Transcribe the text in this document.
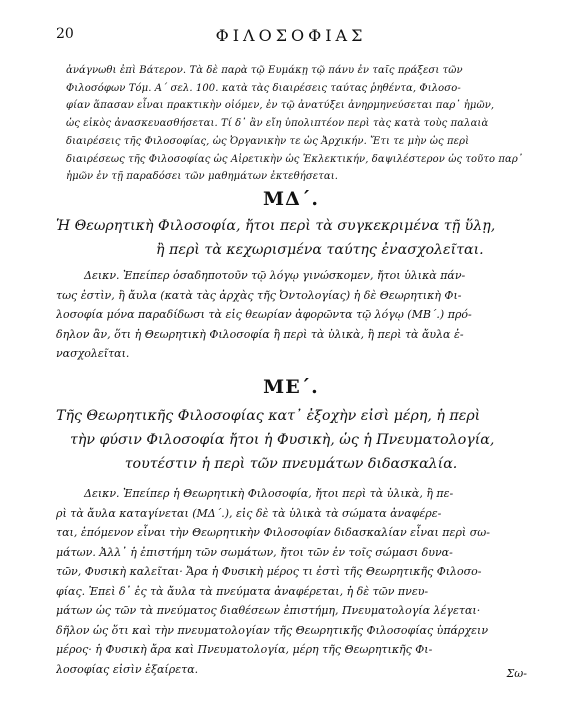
20	ΦΙΛΟΣΟΦΙΑΣ
ἀνάγνωθι ἐπὶ Βάτερον. Τὰ δὲ παρὰ τῷ Ευμάκῃ τῷ πάνυ ἐν ταῖς πράξεσι τῶν
Φιλοσόφων Τόμ. Α΄ σελ. 100. κατὰ τὰς διαιρέσεις ταύτας ῥηθέντα, Φιλοσο-
φίαν ἅπασαν εἶναι πρακτικὴν οἰόμεν, ἐν τῷ ἀνατύξει ἀνηρμηνεύσεται παρ᾽ ἡμῶν,
ὡς εἰκὸς ἀνασκευασθήσεται. Τί δ᾽ ἂν εἴη ὑπολιπτέον περὶ τὰς κατὰ τοὺς παλαιὰ
διαιρέσεις τῆς Φιλοσοφίας, ὡς Ὀργανικὴν τε ὡς Ἀρχικήν. Ἔτι τε μὴν ὡς περὶ
διαιρέσεως τῆς Φιλοσοφίας ὡς Αἱρετικὴν ὡς Ἐκλεκτικήν, δαψιλέστερον ὡς τοῦτο παρ᾽
ἡμῶν ἐν τῇ παραδόσει τῶν μαθημάτων ἐκτεθήσεται.
ΜΔ΄.
Ἡ Θεωρητικὴ Φιλοσοφία, ἤτοι περὶ τὰ συγκεκριμένα τῇ ὕλῃ,
ἢ περὶ τὰ κεχωρισμένα ταύτης ἐνασχολεῖται.
Δεικν. Ἐπείπερ ὁσαδηποτοῦν τῷ λόγῳ γινώσκομεν, ἤτοι ὑλικὰ πάν-
τως ἐστὶν, ἢ ἄυλα (κατὰ τὰς ἀρχὰς τῆς Ὀντολογίας) ἡ δὲ Θεωρητικὴ Φι-
λοσοφία μόνα παραδίδωσι τὰ εἰς θεωρίαν ἀφορῶντα τῷ λόγῳ (ΜΒ΄.) πρό-
δηλον ἂν, ὅτι ἡ Θεωρητικὴ Φιλοσοφία ἢ περὶ τὰ ὑλικὰ, ἢ περὶ τὰ ἄυλα ἐ-
νασχολεῖται.
ΜΕ΄.
Τῆς Θεωρητικῆς Φιλοσοφίας κατ᾽ ἐξοχὴν εἰσὶ μέρη, ἡ περὶ
τὴν φύσιν Φιλοσοφία ἤτοι ἡ Φυσικὴ, ὡς ἡ Πνευματολογία,
τουτέστιν ἡ περὶ τῶν πνευμάτων διδασκαλία.
Δεικν. Ἐπείπερ ἡ Θεωρητικὴ Φιλοσοφία, ἤτοι περὶ τὰ ὑλικὰ, ἢ πε-
ρὶ τὰ ἄυλα καταγίνεται (ΜΔ΄.), εἰς δὲ τὰ ὑλικὰ τὰ σώματα ἀναφέρε-
ται, ἑπόμενον εἶναι τὴν Θεωρητικὴν Φιλοσοφίαν διδασκαλίαν εἶναι περὶ σω-
μάτων. Ἀλλ᾽ ἡ ἐπιστήμη τῶν σωμάτων, ἤτοι τῶν ἐν τοῖς σώμασι δυνα-
τῶν, Φυσικὴ καλεῖται· Ἄρα ἡ Φυσικὴ μέρος τι ἐστὶ τῆς Θεωρητικῆς Φιλοσο-
φίας. Ἐπεὶ δ᾽ ἐς τὰ ἄυλα τὰ πνεύματα ἀναφέρεται, ἡ δὲ τῶν πνευ-
μάτων ὡς τῶν τὰ πνεύματος διαθέσεων ἐπιστήμη, Πνευματολογία λέγεται·
δῆλον ὡς ὅτι καὶ τὴν πνευματολογίαν τῆς Θεωρητικῆς Φιλοσοφίας ὑπάρχειν
μέρος· ἡ Φυσικὴ ἄρα καὶ Πνευματολογία, μέρη τῆς Θεωρητικῆς Φι-
λοσοφίας εἰσὶν ἐξαίρετα.	Σω-
